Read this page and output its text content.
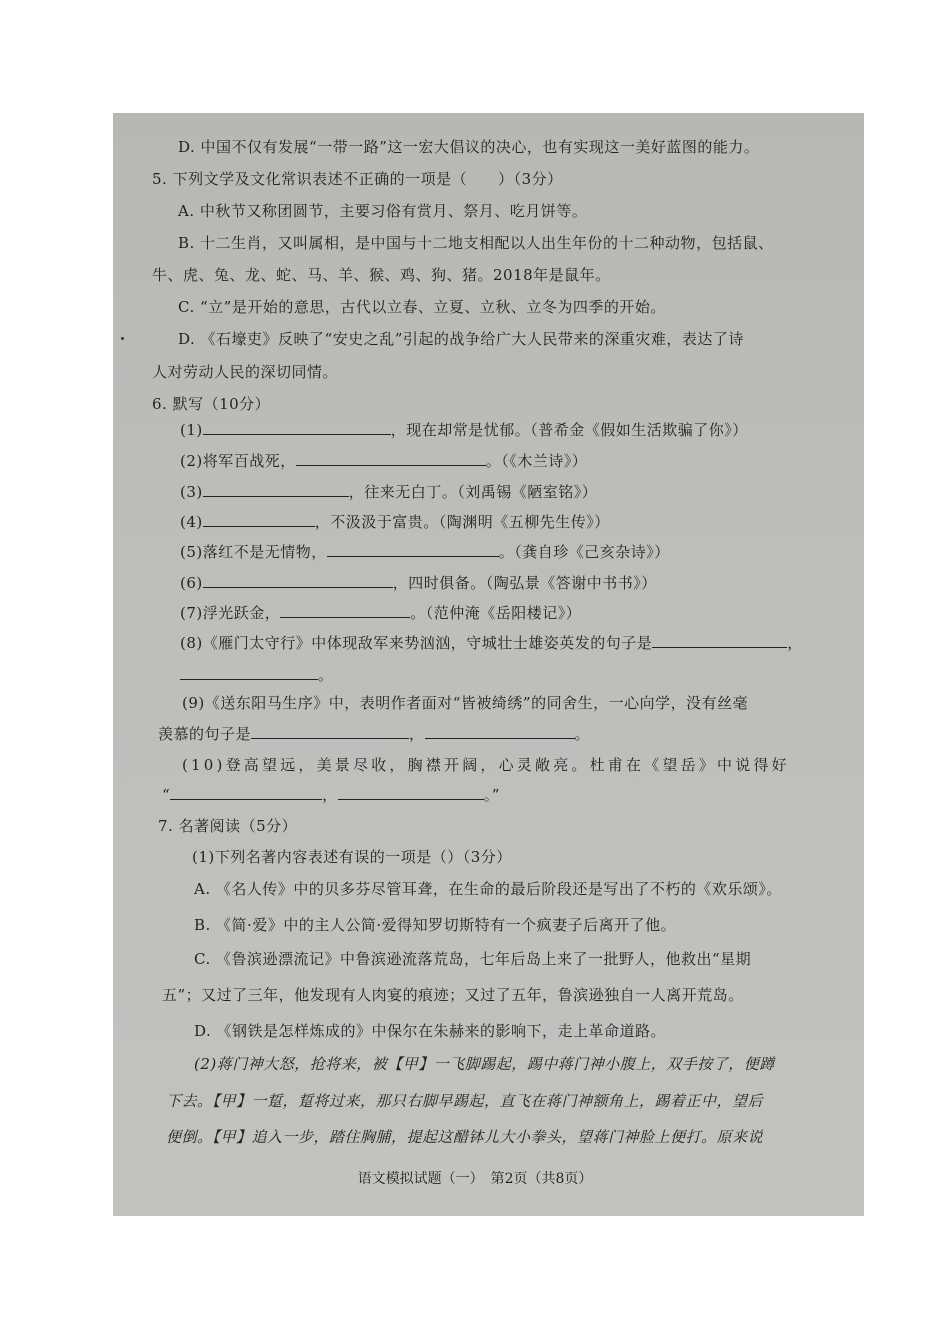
D. 中国不仅有发展“一带一路”这一宏大倡议的决心，也有实现这一美好蓝图的能力。
5. 下列文学及文化常识表述不正确的一项是（　　）（3分）
A. 中秋节又称团圆节，主要习俗有赏月、祭月、吃月饼等。
B. 十二生肖，又叫属相，是中国与十二地支相配以人出生年份的十二种动物，包括鼠、
牛、虎、兔、龙、蛇、马、羊、猴、鸡、狗、猪。2018年是鼠年。
C. “立”是开始的意思，古代以立春、立夏、立秋、立冬为四季的开始。
D. 《石壕吏》反映了“安史之乱”引起的战争给广大人民带来的深重灾难，表达了诗
人对劳动人民的深切同情。
6. 默写（10分）
(1)	，现在却常是忧郁。（普希金《假如生活欺骗了你》）
(2)将军百战死，	。（《木兰诗》）
(3)	，往来无白丁。（刘禹锡《陋室铭》）
(4)	，不汲汲于富贵。（陶渊明《五柳先生传》）
(5)落红不是无情物，	。（龚自珍《己亥杂诗》）
(6)	，四时俱备。（陶弘景《答谢中书书》）
(7)浮光跃金，	。（范仲淹《岳阳楼记》）
(8)《雁门太守行》中体现敌军来势汹汹，守城壮士雄姿英发的句子是	，
。
(9)《送东阳马生序》中，表明作者面对“皆被绮绣”的同舍生，一心向学，没有丝毫
羡慕的句子是	，	。
(10)登高望远，美景尽收，胸襟开阔，心灵敞亮。杜甫在《望岳》中说得好
“	，	。”
7. 名著阅读（5分）
(1)下列名著内容表述有误的一项是（）（3分）
A. 《名人传》中的贝多芬尽管耳聋，在生命的最后阶段还是写出了不朽的《欢乐颂》。
B. 《简·爱》中的主人公简·爱得知罗切斯特有一个疯妻子后离开了他。
C. 《鲁滨逊漂流记》中鲁滨逊流落荒岛，七年后岛上来了一批野人，他救出“星期
五”；又过了三年，他发现有人肉宴的痕迹；又过了五年，鲁滨逊独自一人离开荒岛。
D. 《钢铁是怎样炼成的》中保尔在朱赫来的影响下，走上革命道路。
(2)蒋门神大怒，抢将来，被【甲】一飞脚踢起，踢中蒋门神小腹上，双手按了，便蹲
下去。【甲】一踅，踅将过来，那只右脚早踢起，直飞在蒋门神额角上，踢着正中，望后
便倒。【甲】追入一步，踏住胸脯，提起这醋钵儿大小拳头，望蒋门神脸上便打。原来说
语文模拟试题（一）　第2页（共8页）
